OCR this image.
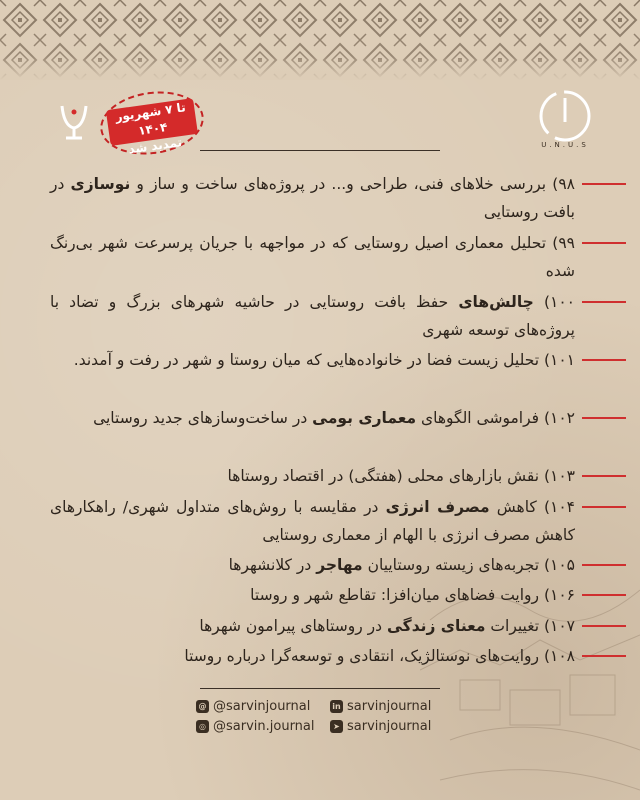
U.N.U.S
تا ۷ شهریور ۱۴۰۴
تمدید شد
۹۸) بررسی خلاهای فنی، طراحی و... در پروژه‌های ساخت و ساز و نوسازی در بافت روستایی
۹۹) تحلیل معماری اصیل روستایی که در مواجهه با جریان پرسرعت شهر بی‌رنگ شده
۱۰۰) چالش‌های حفظ بافت روستایی در حاشیه شهرهای بزرگ و تضاد با پروژه‌های توسعه شهری
۱۰۱) تحلیل زیست فضا در خانواده‌هایی که میان روستا و شهر در رفت و آمدند.
۱۰۲) فراموشی الگوهای معماری بومی در ساخت‌وسازهای جدید روستایی
۱۰۳) نقش بازارهای محلی (هفتگی) در اقتصاد روستاها
۱۰۴) کاهش مصرف انرژی در مقایسه با روش‌های متداول شهری/ راهکارهای کاهش مصرف انرژی با الهام از معماری روستایی
۱۰۵) تجربه‌های زیسته روستاییان مهاجر در کلانشهرها
۱۰۶) روایت فضاهای میان‌افزا: تقاطع شهر و روستا
۱۰۷) تغییرات معنای زندگی در روستاهای پیرامون شهرها
۱۰۸) روایت‌های نوستالژیک، انتقادی و توسعه‌گرا درباره روستا
@ @sarvinjournal	in sarvinjournal
◎ @sarvin.journal	➤ sarvinjournal
